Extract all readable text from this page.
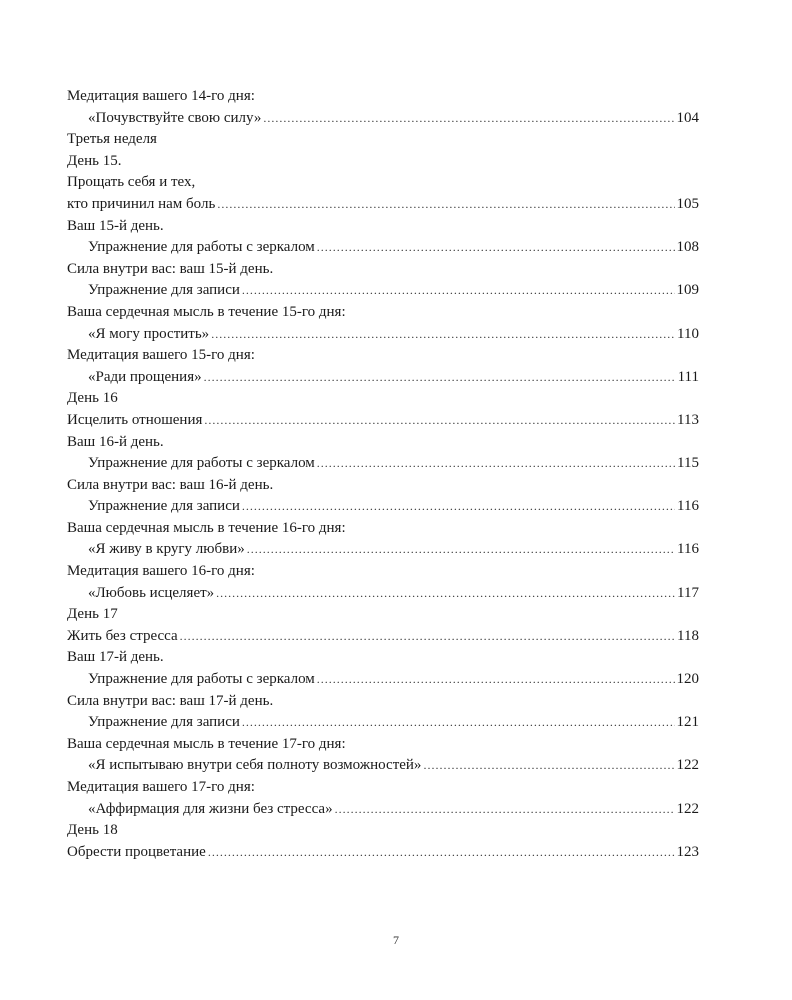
Медитация вашего 14-го дня:
«Почувствуйте свою силу» .....	104
Третья неделя
День 15.
Прощать себя и тех,
кто причинил нам боль .....	105
Ваш 15-й день.
Упражнение для работы с зеркалом .....	108
Сила внутри вас: ваш 15-й день.
Упражнение для записи .....	109
Ваша сердечная мысль в течение 15-го дня:
«Я могу простить» .....	110
Медитация вашего 15-го дня:
«Ради прощения» .....	111
День 16
Исцелить отношения .....	113
Ваш 16-й день.
Упражнение для работы с зеркалом .....	115
Сила внутри вас: ваш 16-й день.
Упражнение для записи .....	116
Ваша сердечная мысль в течение 16-го дня:
«Я живу в кругу любви» .....	116
Медитация вашего 16-го дня:
«Любовь исцеляет» .....	117
День 17
Жить без стресса .....	118
Ваш 17-й день.
Упражнение для работы с зеркалом .....	120
Сила внутри вас: ваш 17-й день.
Упражнение для записи .....	121
Ваша сердечная мысль в течение 17-го дня:
«Я испытываю внутри себя полноту возможностей» .....	122
Медитация вашего 17-го дня:
«Аффирмация для жизни без стресса» .....	122
День 18
Обрести процветание .....	123
7
